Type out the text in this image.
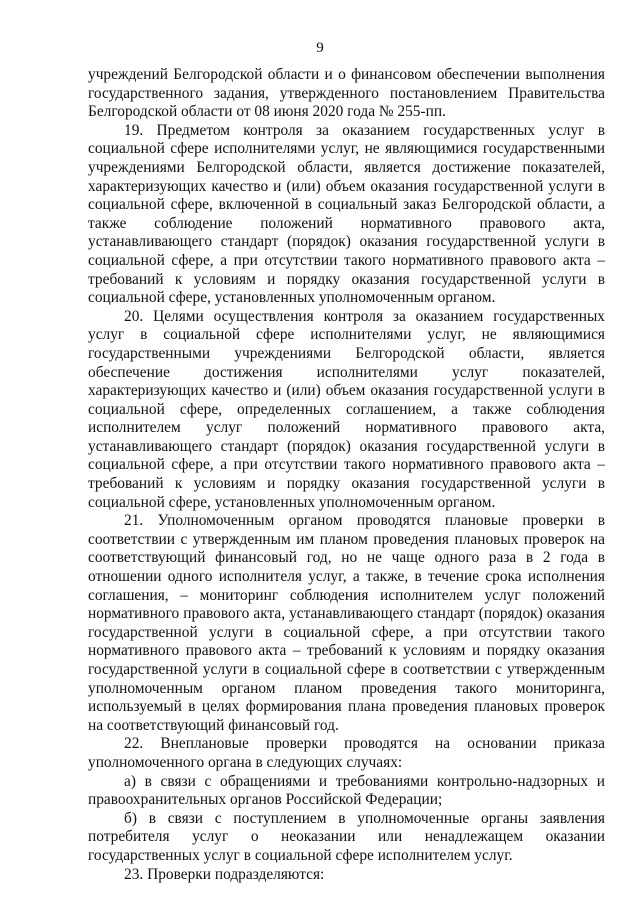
9

учреждений Белгородской области и о финансовом обеспечении выполнения государственного задания, утвержденного постановлением Правительства Белгородской области от 08 июня 2020 года № 255-пп.

19. Предметом контроля за оказанием государственных услуг в социальной сфере исполнителями услуг, не являющимися государственными учреждениями Белгородской области, является достижение показателей, характеризующих качество и (или) объем оказания государственной услуги в социальной сфере, включенной в социальный заказ Белгородской области, а также соблюдение положений нормативного правового акта, устанавливающего стандарт (порядок) оказания государственной услуги в социальной сфере, а при отсутствии такого нормативного правового акта – требований к условиям и порядку оказания государственной услуги в социальной сфере, установленных уполномоченным органом.

20. Целями осуществления контроля за оказанием государственных услуг в социальной сфере исполнителями услуг, не являющимися государственными учреждениями Белгородской области, является обеспечение достижения исполнителями услуг показателей, характеризующих качество и (или) объем оказания государственной услуги в социальной сфере, определенных соглашением, а также соблюдения исполнителем услуг положений нормативного правового акта, устанавливающего стандарт (порядок) оказания государственной услуги в социальной сфере, а при отсутствии такого нормативного правового акта – требований к условиям и порядку оказания государственной услуги в социальной сфере, установленных уполномоченным органом.

21. Уполномоченным органом проводятся плановые проверки в соответствии с утвержденным им планом проведения плановых проверок на соответствующий финансовый год, но не чаще одного раза в 2 года в отношении одного исполнителя услуг, а также, в течение срока исполнения соглашения, – мониторинг соблюдения исполнителем услуг положений нормативного правового акта, устанавливающего стандарт (порядок) оказания государственной услуги в социальной сфере, а при отсутствии такого нормативного правового акта – требований к условиям и порядку оказания государственной услуги в социальной сфере в соответствии с утвержденным уполномоченным органом планом проведения такого мониторинга, используемый в целях формирования плана проведения плановых проверок на соответствующий финансовый год.

22. Внеплановые проверки проводятся на основании приказа уполномоченного органа в следующих случаях:

а) в связи с обращениями и требованиями контрольно-надзорных и правоохранительных органов Российской Федерации;

б) в связи с поступлением в уполномоченные органы заявления потребителя услуг о неоказании или ненадлежащем оказании государственных услуг в социальной сфере исполнителем услуг.

23. Проверки подразделяются:
